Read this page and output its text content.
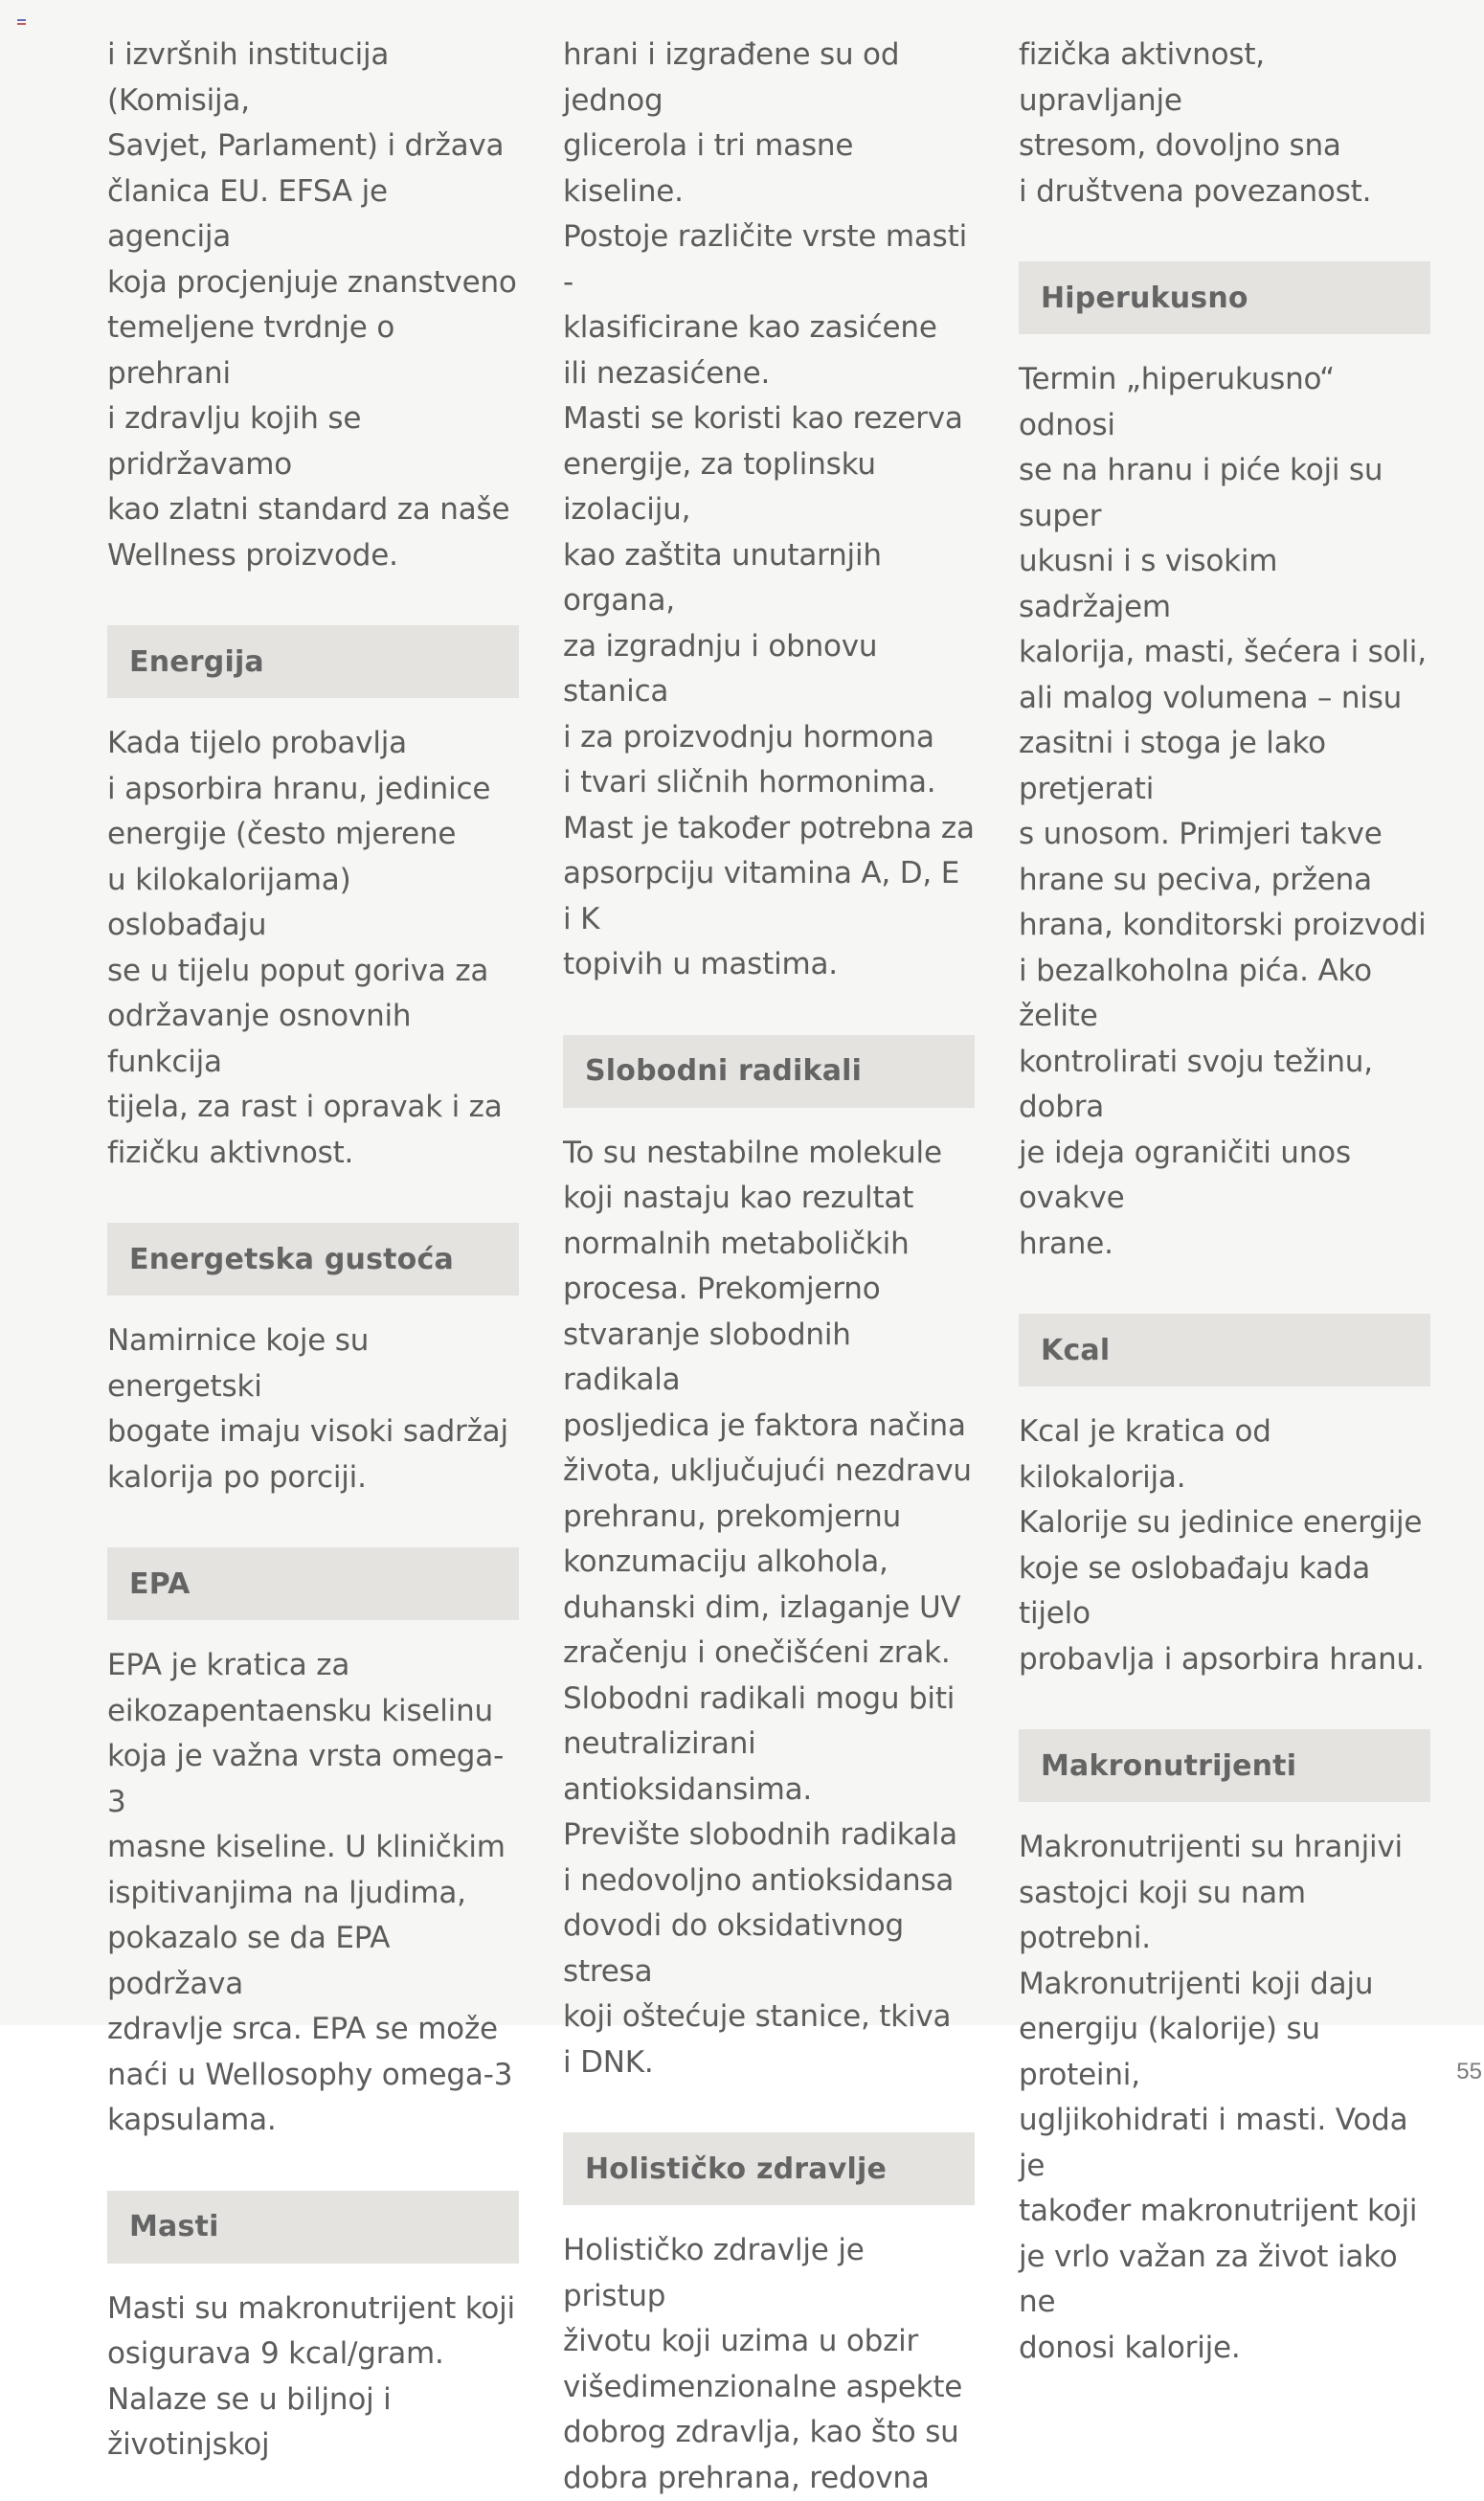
i izvršnih institucija (Komisija,
Savjet, Parlament) i država
članica EU. EFSA je agencija
koja procjenjuje znanstveno
temeljene tvrdnje o prehrani
i zdravlju kojih se pridržavamo
kao zlatni standard za naše
Wellness proizvode.

Energija

Kada tijelo probavlja
i apsorbira hranu, jedinice
energije (često mjerene
u kilokalorijama) oslobađaju
se u tijelu poput goriva za
održavanje osnovnih funkcija
tijela, za rast i opravak i za
fizičku aktivnost.

Energetska gustoća

Namirnice koje su energetski
bogate imaju visoki sadržaj
kalorija po porciji.

EPA

EPA je kratica za
eikozapentaensku kiselinu
koja je važna vrsta omega-3
masne kiseline. U kliničkim
ispitivanjima na ljudima,
pokazalo se da EPA podržava
zdravlje srca. EPA se može
naći u Wellosophy omega-3
kapsulama.

Masti

Masti su makronutrijent koji
osigurava 9 kcal/gram.
Nalaze se u biljnoj i životinjskoj

hrani i izgrađene su od jednog
glicerola i tri masne kiseline.
Postoje različite vrste masti -
klasificirane kao zasićene
ili nezasićene.
Masti se koristi kao rezerva
energije, za toplinsku izolaciju,
kao zaštita unutarnjih organa,
za izgradnju i obnovu stanica
i za proizvodnju hormona
i tvari sličnih hormonima.
Mast je također potrebna za
apsorpciju vitamina A, D, E i K
topivih u mastima.

Slobodni radikali

To su nestabilne molekule
koji nastaju kao rezultat
normalnih metaboličkih
procesa. Prekomjerno
stvaranje slobodnih radikala
posljedica je faktora načina
života, uključujući nezdravu
prehranu, prekomjernu
konzumaciju alkohola,
duhanski dim, izlaganje UV
zračenju i onečišćeni zrak.
Slobodni radikali mogu biti
neutralizirani antioksidansima.
Prevište slobodnih radikala
i nedovoljno antioksidansa
dovodi do oksidativnog stresa
koji oštećuje stanice, tkiva
i DNK.

Holističko zdravlje

Holističko zdravlje je pristup
životu koji uzima u obzir
višedimenzionalne aspekte
dobrog zdravlja, kao što su
dobra prehrana, redovna

fizička aktivnost, upravljanje
stresom, dovoljno sna
i društvena povezanost.

Hiperukusno

Termin „hiperukusno“ odnosi
se na hranu i piće koji su super
ukusni i s visokim sadržajem
kalorija, masti, šećera i soli,
ali malog volumena – nisu
zasitni i stoga je lako pretjerati
s unosom. Primjeri takve
hrane su peciva, pržena
hrana, konditorski proizvodi
i bezalkoholna pića. Ako želite
kontrolirati svoju težinu, dobra
je ideja ograničiti unos ovakve
hrane.

Kcal

Kcal je kratica od kilokalorija.
Kalorije su jedinice energije
koje se oslobađaju kada tijelo
probavlja i apsorbira hranu.

Makronutrijenti

Makronutrijenti su hranjivi
sastojci koji su nam potrebni.
Makronutrijenti koji daju
energiju (kalorije) su proteini,
ugljikohidrati i masti. Voda je
također makronutrijent koji
je vrlo važan za život iako ne
donosi kalorije.

55
